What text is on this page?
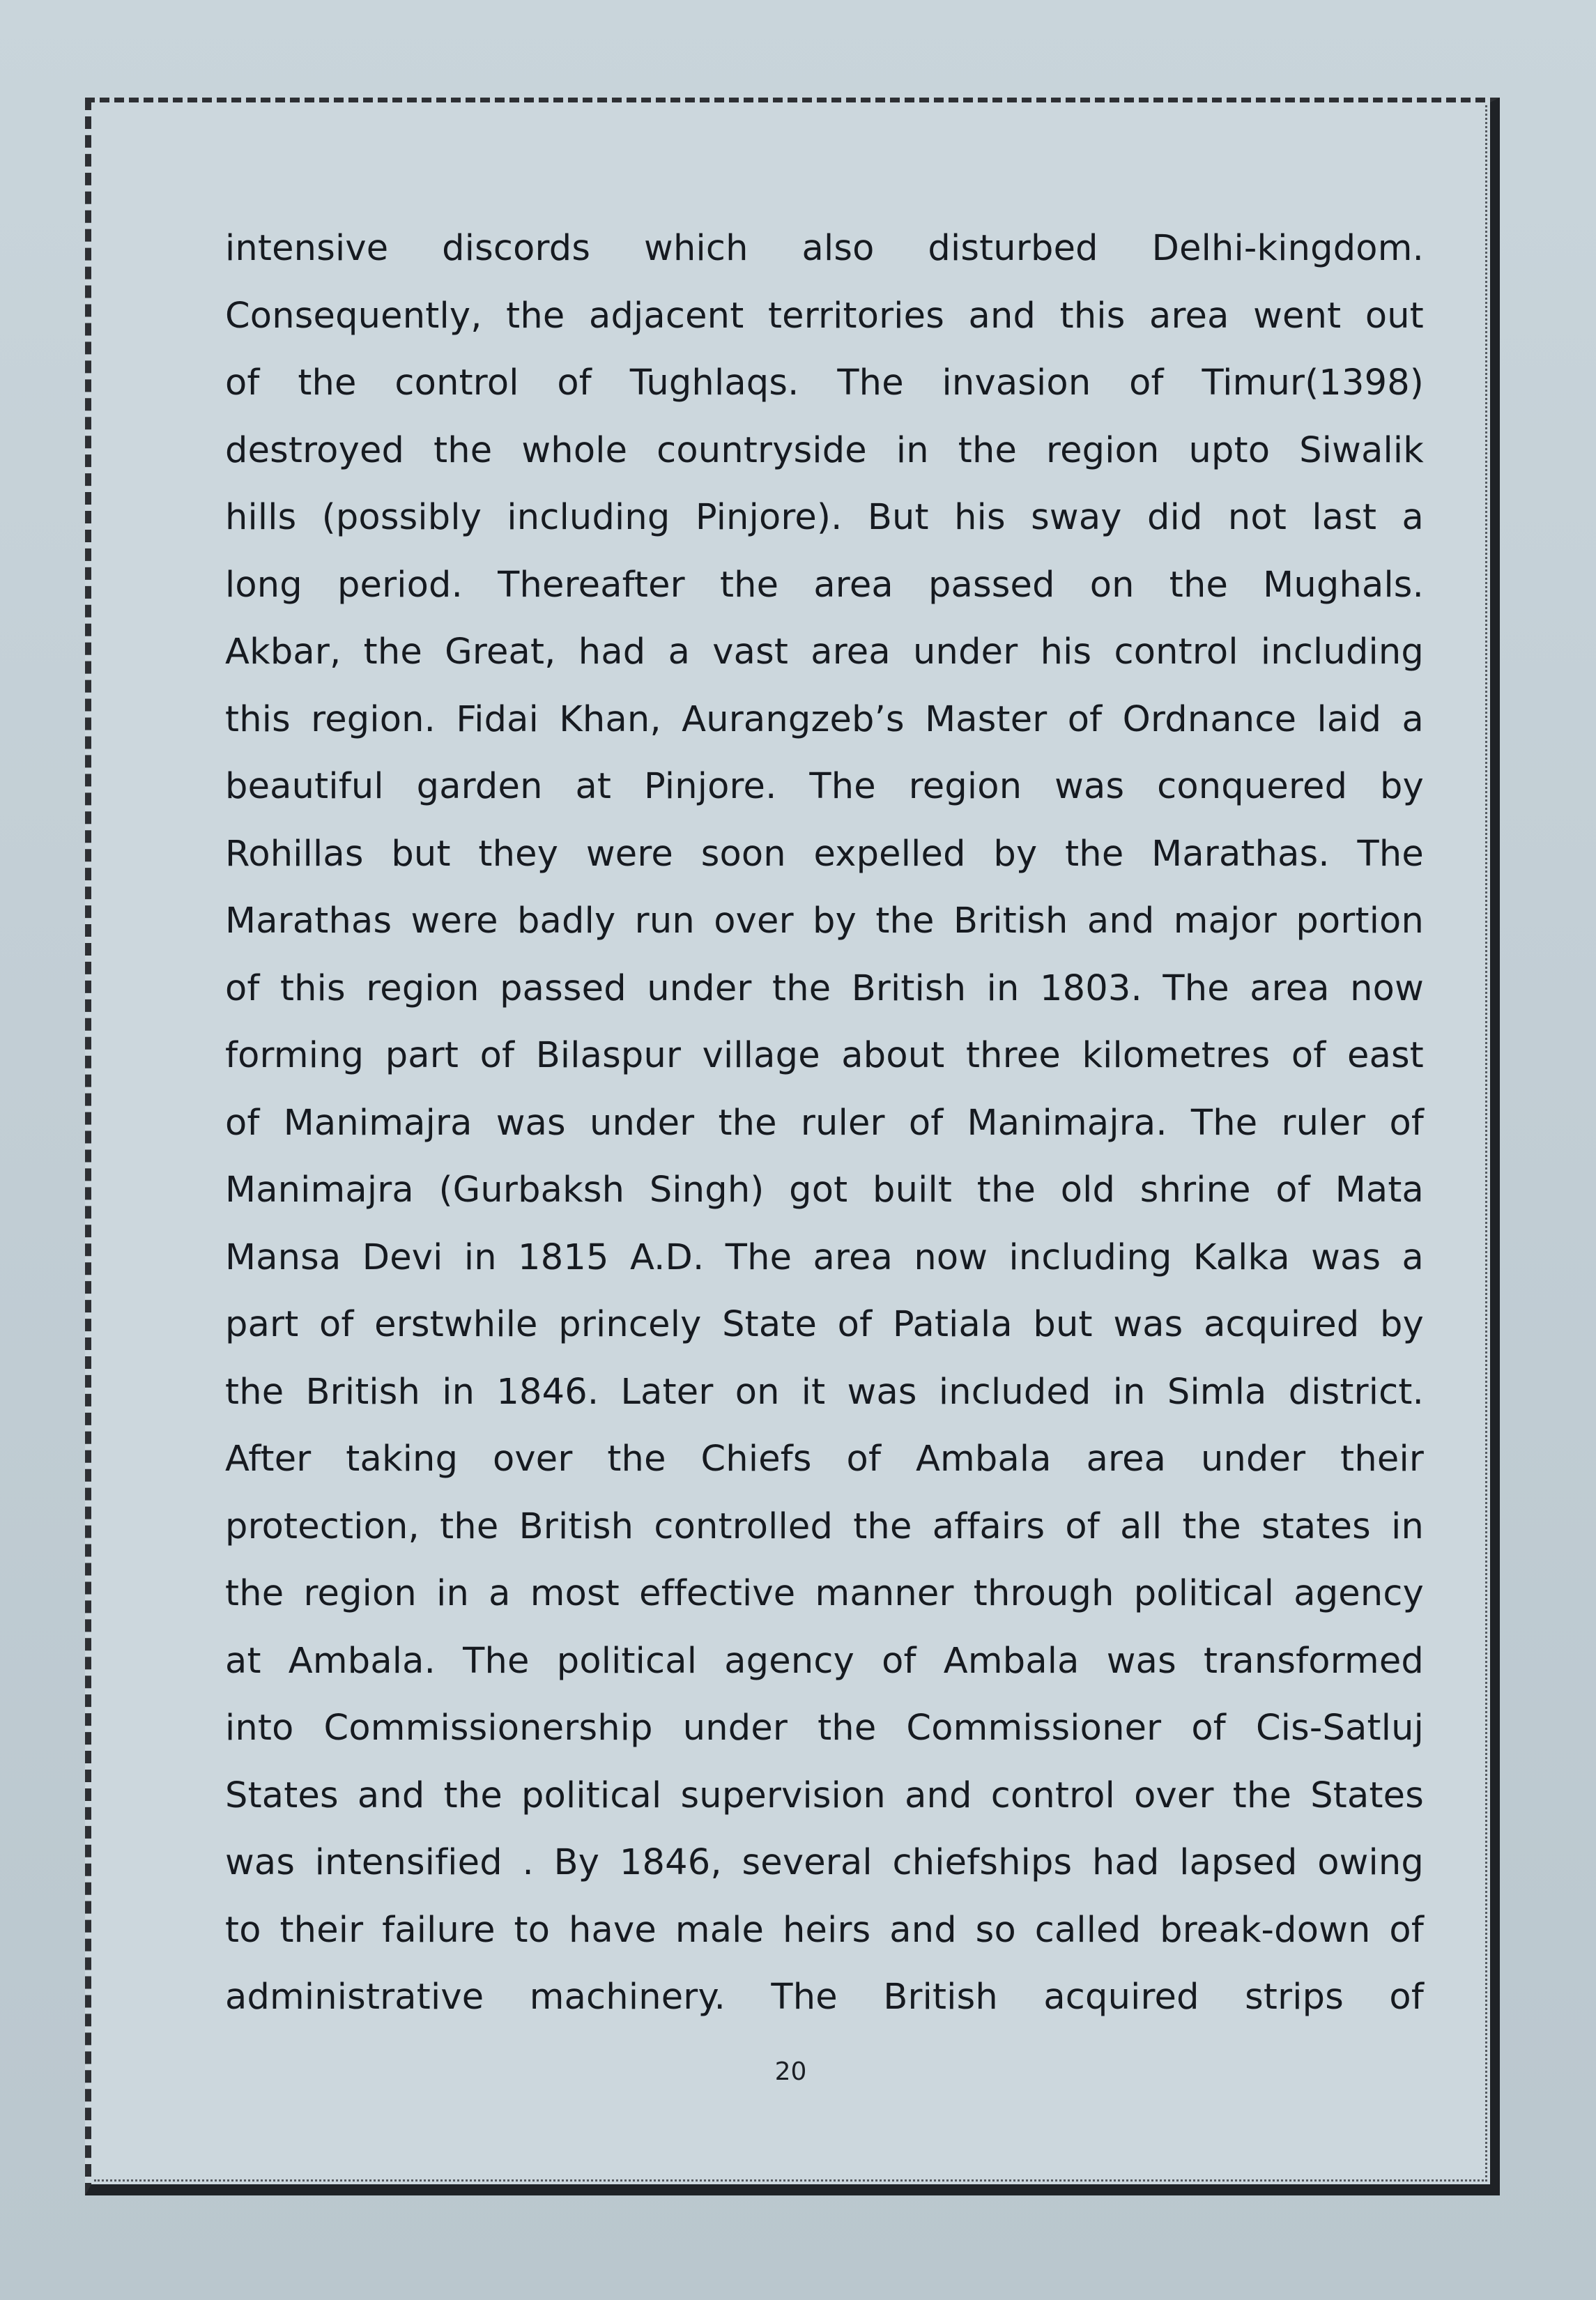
intensive discords which also disturbed Delhi-kingdom.
Consequently, the adjacent territories and this area went out
of the control of Tughlaqs. The invasion of Timur(1398)
destroyed the whole countryside in the region upto Siwalik
hills (possibly including Pinjore). But his sway did not last a
long period. Thereafter the area passed on the Mughals.
Akbar, the Great, had a vast area under his control including
this region. Fidai Khan, Aurangzeb’s Master of Ordnance laid a
beautiful garden at Pinjore. The region was conquered by
Rohillas but they were soon expelled by the Marathas. The
Marathas were badly run over by the British and major portion
of this region passed under the British in 1803. The area now
forming part of Bilaspur village about three kilometres of east
of Manimajra was under the ruler of Manimajra. The ruler of
Manimajra (Gurbaksh Singh) got built the old shrine of Mata
Mansa Devi in 1815 A.D. The area now including Kalka was a
part of erstwhile princely State of Patiala but was acquired by
the British in 1846. Later on it was included in Simla district.
After taking over the Chiefs of Ambala area under their
protection, the British controlled the affairs of all the states in
the region in a most effective manner through political agency
at Ambala. The political agency of Ambala was transformed
into Commissionership under the Commissioner of Cis-Satluj
States and the political supervision and control over the States
was intensified . By 1846, several chiefships had lapsed owing
to their failure to have male heirs and so called break-down of
administrative machinery. The British acquired strips of
20
